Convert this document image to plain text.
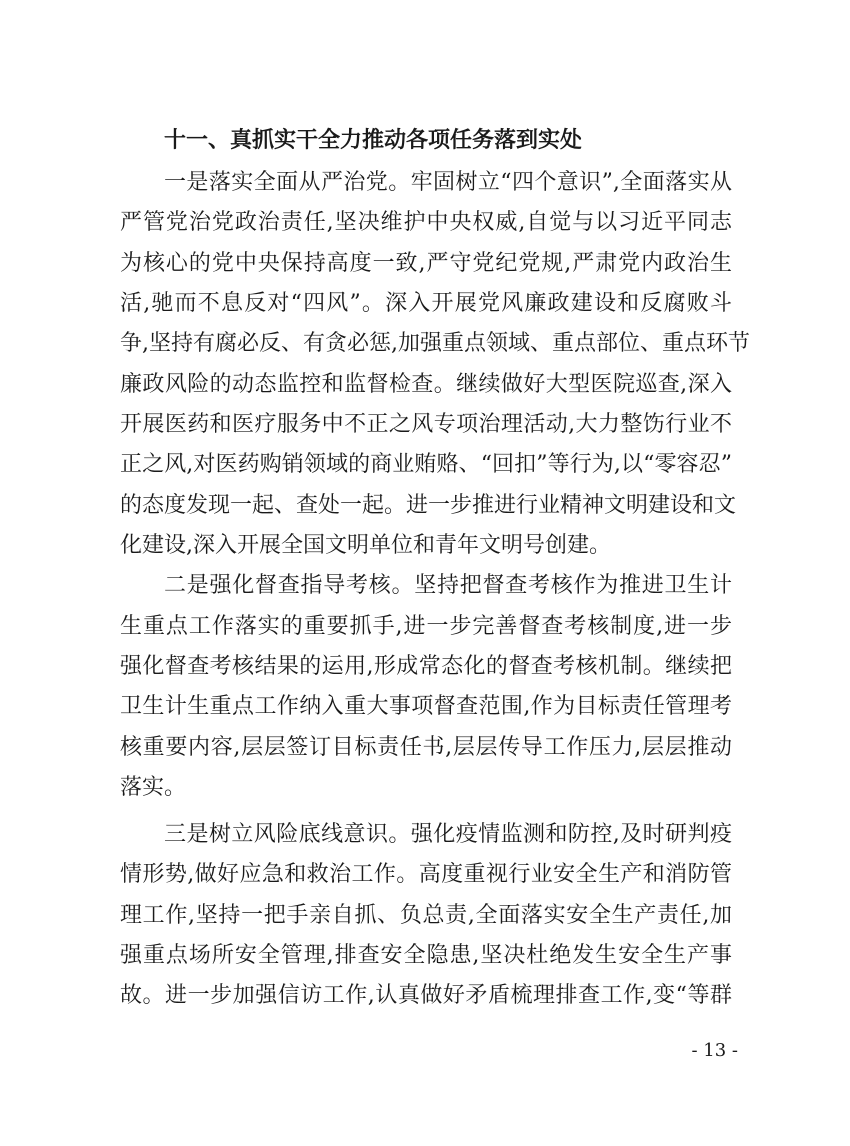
十一、真抓实干全力推动各项任务落到实处
一是落实全面从严治党。牢固树立“四个意识”,全面落实从
严管党治党政治责任,坚决维护中央权威,自觉与以习近平同志
为核心的党中央保持高度一致,严守党纪党规,严肃党内政治生
活,驰而不息反对“四风”。深入开展党风廉政建设和反腐败斗
争,坚持有腐必反、有贪必惩,加强重点领域、重点部位、重点环节
廉政风险的动态监控和监督检查。继续做好大型医院巡查,深入
开展医药和医疗服务中不正之风专项治理活动,大力整饬行业不
正之风,对医药购销领域的商业贿赂、“回扣”等行为,以“零容忍”
的态度发现一起、查处一起。进一步推进行业精神文明建设和文
化建设,深入开展全国文明单位和青年文明号创建。
二是强化督查指导考核。坚持把督查考核作为推进卫生计
生重点工作落实的重要抓手,进一步完善督查考核制度,进一步
强化督查考核结果的运用,形成常态化的督查考核机制。继续把
卫生计生重点工作纳入重大事项督查范围,作为目标责任管理考
核重要内容,层层签订目标责任书,层层传导工作压力,层层推动
落实。
三是树立风险底线意识。强化疫情监测和防控,及时研判疫
情形势,做好应急和救治工作。高度重视行业安全生产和消防管
理工作,坚持一把手亲自抓、负总责,全面落实安全生产责任,加
强重点场所安全管理,排查安全隐患,坚决杜绝发生安全生产事
故。进一步加强信访工作,认真做好矛盾梳理排查工作,变“等群
- 13 -
